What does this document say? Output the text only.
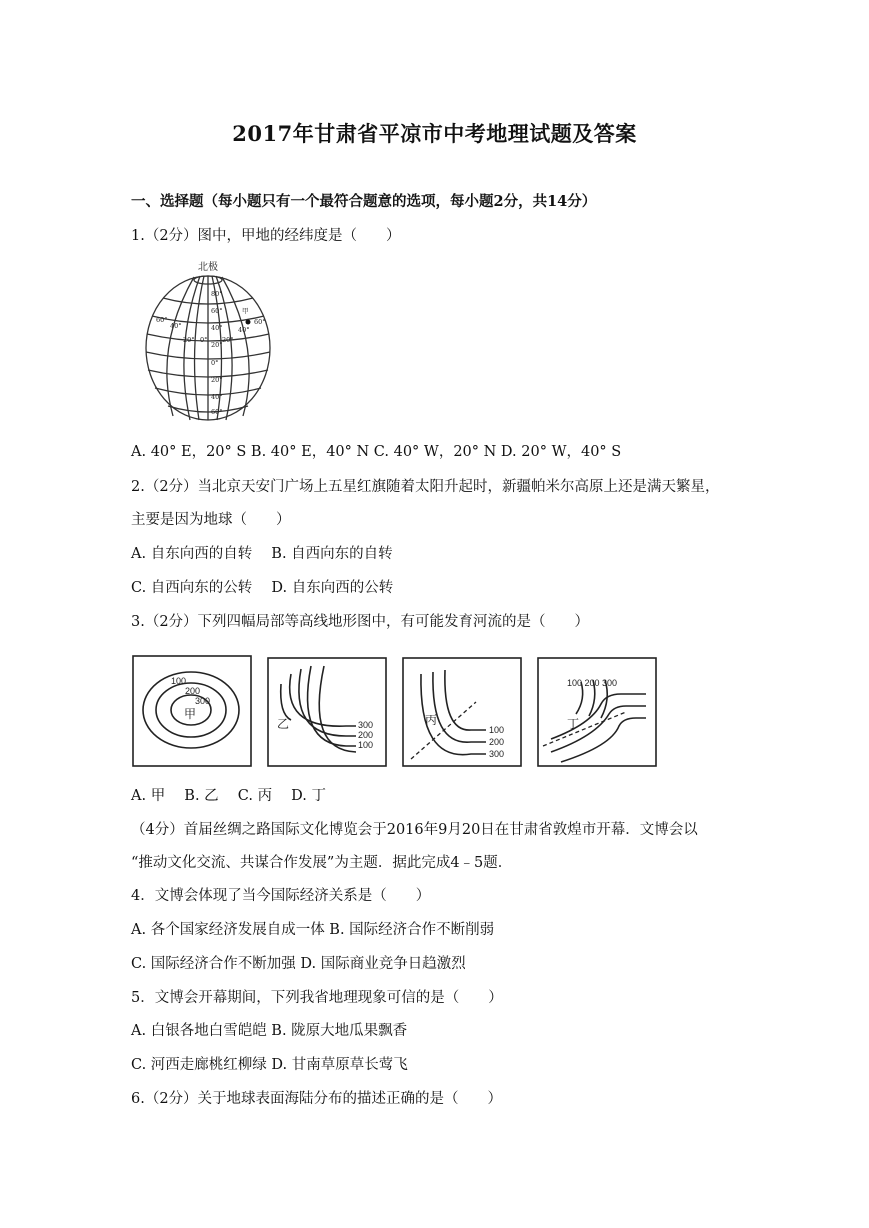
2017年甘肃省平凉市中考地理试题及答案
一、选择题（每小题只有一个最符合题意的选项，每小题2分，共14分）
1.（2分）图中，甲地的经纬度是（　　）
北极
80°
60°
40°
20°
0°
20°
40°
60°
60°
40°
20° 0° 20°
40°
60°
甲
A. 40° E，20° S B. 40° E，40° N C. 40° W，20° N D. 20° W，40° S
2.（2分）当北京天安门广场上五星红旗随着太阳升起时，新疆帕米尔高原上还是满天繁星，
主要是因为地球（　　）
A. 自东向西的自转　 B. 自西向东的自转
C. 自西向东的公转　 D. 自东向西的公转
3.（2分）下列四幅局部等高线地形图中，有可能发育河流的是（　　）
100
200
300
甲
乙	300
200
100
丙
100
200
300
100 200 300
丁
A. 甲　 B. 乙　 C. 丙　 D. 丁
（4分）首届丝绸之路国际文化博览会于2016年9月20日在甘肃省敦煌市开幕．文博会以
“推动文化交流、共谋合作发展”为主题．据此完成4﹣5题．
4．文博会体现了当今国际经济关系是（　　）
A. 各个国家经济发展自成一体 B. 国际经济合作不断削弱
C. 国际经济合作不断加强 D. 国际商业竞争日趋激烈
5．文博会开幕期间，下列我省地理现象可信的是（　　）
A. 白银各地白雪皑皑 B. 陇原大地瓜果飘香
C. 河西走廊桃红柳绿 D. 甘南草原草长莺飞
6.（2分）关于地球表面海陆分布的描述正确的是（　　）
